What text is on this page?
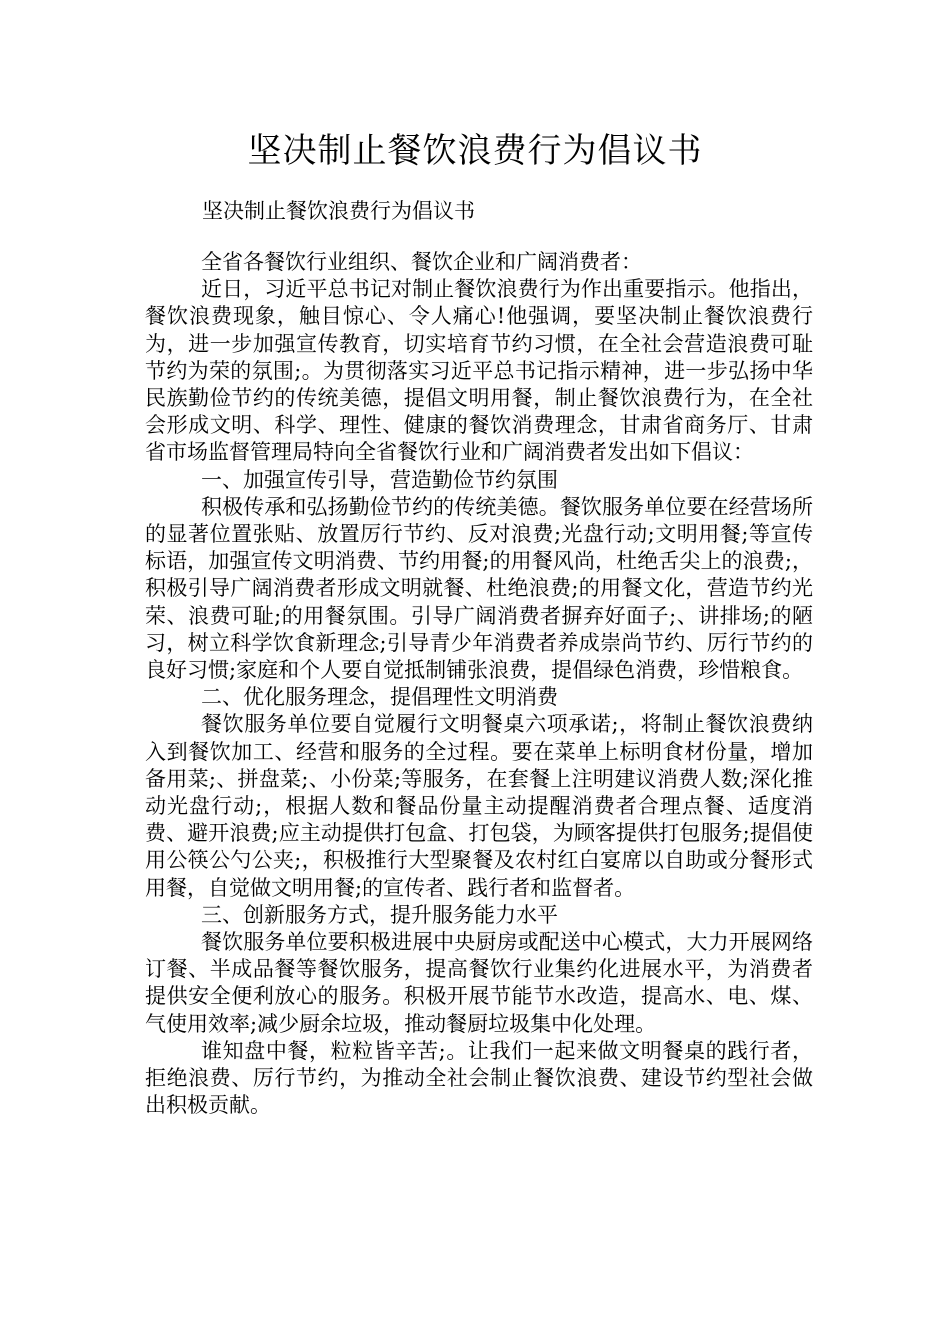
坚决制止餐饮浪费行为倡议书

坚决制止餐饮浪费行为倡议书

全省各餐饮行业组织、餐饮企业和广阔消费者：

近日，习近平总书记对制止餐饮浪费行为作出重要指示。他指出，餐饮浪费现象，触目惊心、令人痛心!他强调，要坚决制止餐饮浪费行为，进一步加强宣传教育，切实培育节约习惯，在全社会营造浪费可耻节约为荣的氛围;。为贯彻落实习近平总书记指示精神，进一步弘扬中华民族勤俭节约的传统美德，提倡文明用餐，制止餐饮浪费行为，在全社会形成文明、科学、理性、健康的餐饮消费理念，甘肃省商务厅、甘肃省市场监督管理局特向全省餐饮行业和广阔消费者发出如下倡议：

一、加强宣传引导，营造勤俭节约氛围

积极传承和弘扬勤俭节约的传统美德。餐饮服务单位要在经营场所的显著位置张贴、放置厉行节约、反对浪费;光盘行动;文明用餐;等宣传标语，加强宣传文明消费、节约用餐;的用餐风尚，杜绝舌尖上的浪费;，积极引导广阔消费者形成文明就餐、杜绝浪费;的用餐文化，营造节约光荣、浪费可耻;的用餐氛围。引导广阔消费者摒弃好面子;、讲排场;的陋习，树立科学饮食新理念;引导青少年消费者养成崇尚节约、厉行节约的良好习惯;家庭和个人要自觉抵制铺张浪费，提倡绿色消费，珍惜粮食。

二、优化服务理念，提倡理性文明消费

餐饮服务单位要自觉履行文明餐桌六项承诺;，将制止餐饮浪费纳入到餐饮加工、经营和服务的全过程。要在菜单上标明食材份量，增加备用菜;、拼盘菜;、小份菜;等服务，在套餐上注明建议消费人数;深化推动光盘行动;，根据人数和餐品份量主动提醒消费者合理点餐、适度消费、避开浪费;应主动提供打包盒、打包袋，为顾客提供打包服务;提倡使用公筷公勺公夹;，积极推行大型聚餐及农村红白宴席以自助或分餐形式用餐，自觉做文明用餐;的宣传者、践行者和监督者。

三、创新服务方式，提升服务能力水平

餐饮服务单位要积极进展中央厨房或配送中心模式，大力开展网络订餐、半成品餐等餐饮服务，提高餐饮行业集约化进展水平，为消费者提供安全便利放心的服务。积极开展节能节水改造，提高水、电、煤、气使用效率;减少厨余垃圾，推动餐厨垃圾集中化处理。

谁知盘中餐，粒粒皆辛苦;。让我们一起来做文明餐桌的践行者，拒绝浪费、厉行节约，为推动全社会制止餐饮浪费、建设节约型社会做出积极贡献。
